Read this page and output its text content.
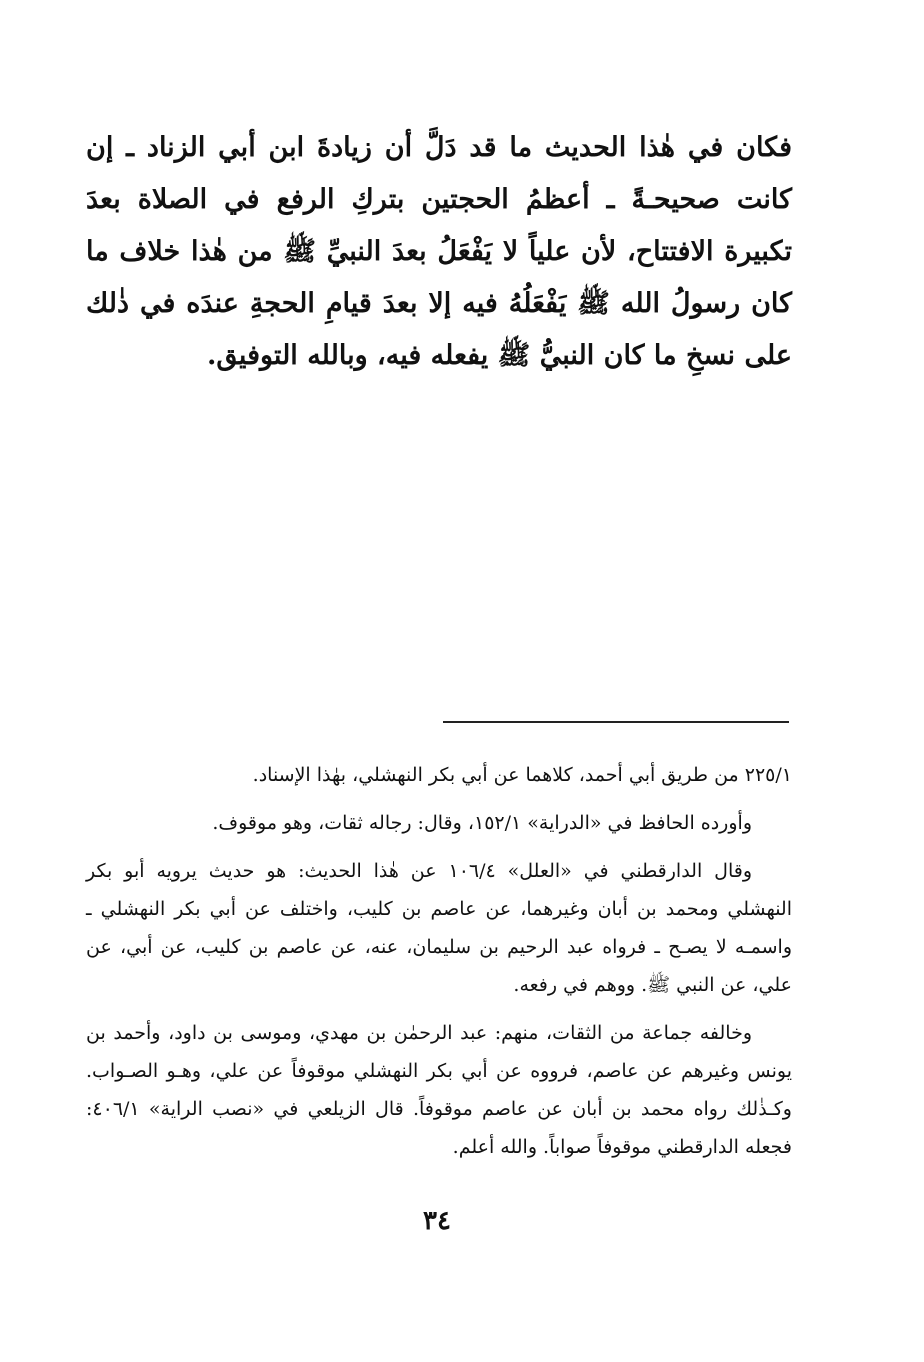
فكان في هٰذا الحديث ما قد دَلَّ أن زيادةَ ابن أبي الزناد ـ إن كانت صحيحـةً ـ أعظمُ الحجتين بتركِ الرفع في الصلاة بعدَ تكبيرة الافتتاح، لأن علياً لا يَفْعَلُ بعدَ النبيِّ ﷺ من هٰذا خلاف ما كان رسولُ الله ﷺ يَفْعَلُهُ فيه إلا بعدَ قيامِ الحجةِ عندَه في ذٰلك على نسخِ ما كان النبيُّ ﷺ يفعله فيه، وبالله التوفيق.

٢٢٥/١ من طريق أبي أحمد، كلاهما عن أبي بكر النهشلي، بهٰذا الإسناد.

وأورده الحافظ في «الدراية» ١٥٢/١، وقال: رجاله ثقات، وهو موقوف.

وقال الدارقطني في «العلل» ١٠٦/٤ عن هٰذا الحديث: هو حديث يرويه أبو بكر النهشلي ومحمد بن أبان وغيرهما، عن عاصم بن كليب، واختلف عن أبي بكر النهشلي ـ واسمـه لا يصـح ـ فرواه عبد الرحيم بن سليمان، عنه، عن عاصم بن كليب، عن أبي، عن علي، عن النبي ﷺ. ووهم في رفعه.

وخالفه جماعة من الثقات، منهم: عبد الرحمٰن بن مهدي، وموسى بن داود، وأحمد بن يونس وغيرهم عن عاصم، فرووه عن أبي بكر النهشلي موقوفاً عن علي، وهـو الصـواب. وكـذٰلك رواه محمد بن أبان عن عاصم موقوفاً. قال الزيلعي في «نصب الراية» ٤٠٦/١: فجعله الدارقطني موقوفاً صواباً. والله أعلم.

٣٤
